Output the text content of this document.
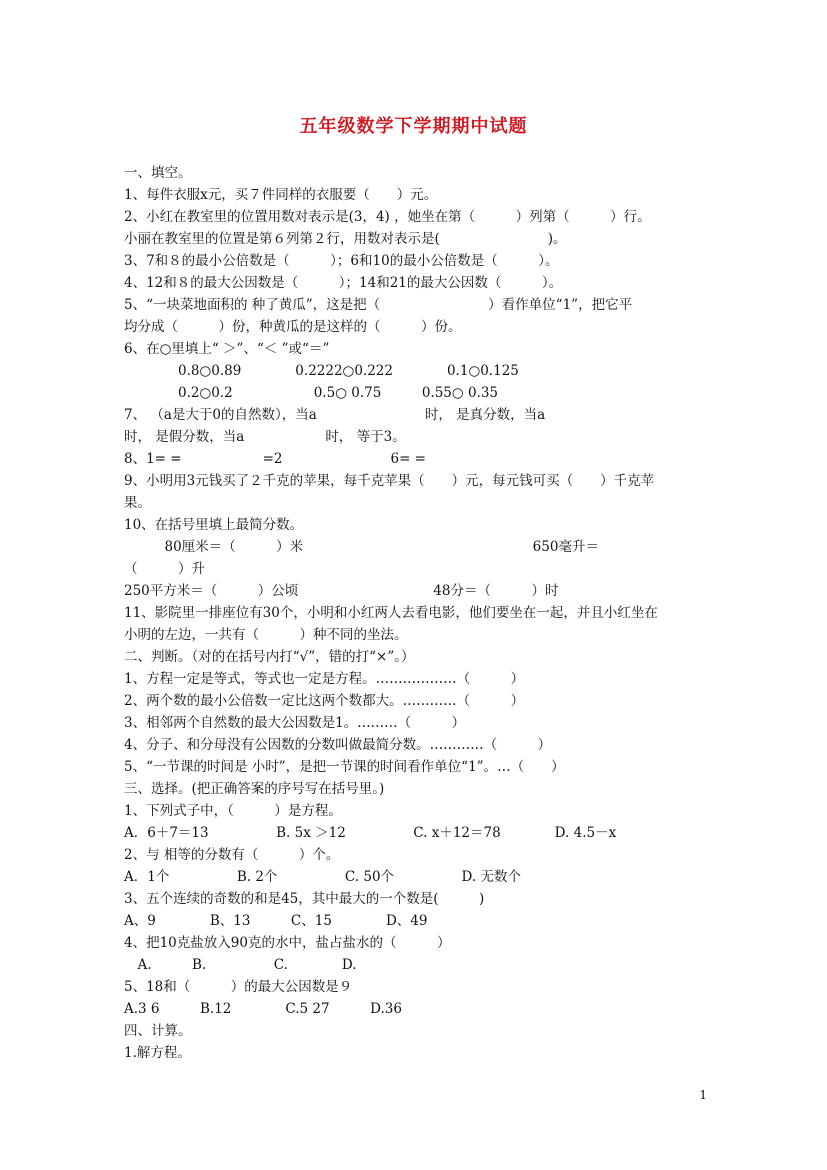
五年级数学下学期期中试题
一、填空。
1、每件衣服ⅹ元，买７件同样的衣服要（　　）元。
2、小红在教室里的位置用数对表示是(3，4) ，她坐在第（　　　）列第（　　　）行。
小丽在教室里的位置是第６列第２行，用数对表示是(　　　　　　　　)。
3、7和８的最小公倍数是（　　　）；6和10的最小公倍数是（　　　）。
4、12和８的最大公因数是（　　　）；14和21的最大公因数（　　　）。
5、“一块菜地面积的 种了黄瓜”，这是把（　　　　　　　　）看作单位“1”，把它平
均分成（　　　）份，种黄瓜的是这样的（　　　）份。
6、在○里填上“ ＞”、“＜ ”或“＝”
　　　　0.8○0.89　　　　0.2222○0.222　　　　0.1○0.125
　　　　0.2○0.2　　　　　　0.5○ 0.75　　　0.55○ 0.35
7、 （a是大于0的自然数），当a　　　　　　　　时， 是真分数，当a
时， 是假分数，当a　　　　　　时， 等于3。
8、1= =　　　　　　=2　　　　　　　　6= =
9、小明用3元钱买了２千克的苹果，每千克苹果（　　）元，每元钱可买（　　）千克苹
果。
10、在括号里填上最简分数。
　　　80厘米＝（　　　）米　　　　　　　　　　　　　　　　　650毫升＝
（　　　）升
250平方米＝（　　　）公顷　　　　　　　　　　48分＝（　　　）时
11、影院里一排座位有30个，小明和小红两人去看电影，他们要坐在一起，并且小红坐在
小明的左边，一共有（　　　）种不同的坐法。
二、判断。（对的在括号内打“√”，错的打“×”。）
1、方程一定是等式，等式也一定是方程。………………（　　　）
2、两个数的最小公倍数一定比这两个数都大。…………（　　　）
3、相邻两个自然数的最大公因数是1。………（　　　）
4、分子、和分母没有公因数的分数叫做最简分数。…………（　　　）
5、“一节课的时间是 小时”，是把一节课的时间看作单位“1”。…（　　）
三、选择。(把正确答案的序号写在括号里。)
1、下列式子中，（　　　）是方程。
A．6＋7＝13　　　　　B. 5ⅹ ＞12　　　　　C. ⅹ＋12＝78　　　　D. 4.5－ⅹ
2、与 相等的分数有（　　　）个。
A．1个　　　　　B. 2个　　　　　C. 50个　　　　　D. 无数个
3、五个连续的奇数的和是45，其中最大的一个数是(　　　)
A、9　　　　B、13　　　C、15　　　　D、49
4、把10克盐放入90克的水中，盐占盐水的（　　　）
　A.　　　B.　　　　　C.　　　　D.
5、18和（　　　）的最大公因数是９
A.3 6　　　B.12　　　　C.5 27　　　D.36
四、计算。
1.解方程。
1
